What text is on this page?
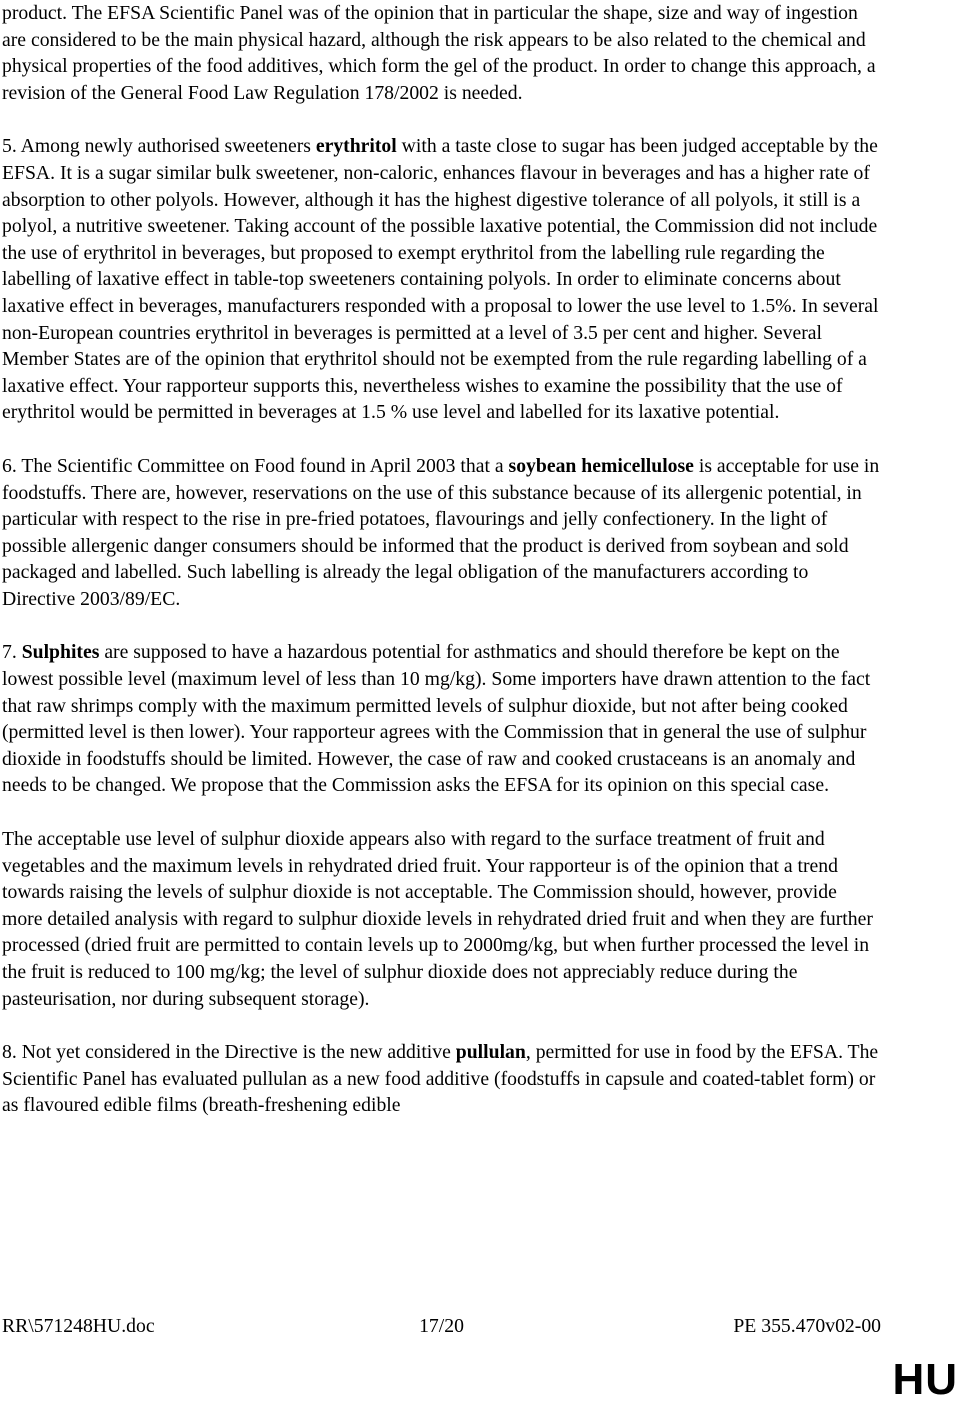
product. The EFSA Scientific Panel was of the opinion that in particular the shape, size and way of ingestion are considered to be the main physical hazard, although the risk appears to be also related to the chemical and physical properties of the food additives, which form the gel of the product. In order to change this approach, a revision of the General Food Law Regulation 178/2002 is needed.

5. Among newly authorised sweeteners erythritol with a taste close to sugar has been judged acceptable by the EFSA. It is a sugar similar bulk sweetener, non-caloric, enhances flavour in beverages and has a higher rate of absorption to other polyols. However, although it has the highest digestive tolerance of all polyols, it still is a polyol, a nutritive sweetener. Taking account of the possible laxative potential, the Commission did not include the use of erythritol in beverages, but proposed to exempt erythritol from the labelling rule regarding the labelling of laxative effect in table-top sweeteners containing polyols. In order to eliminate concerns about laxative effect in beverages, manufacturers responded with a proposal to lower the use level to 1.5%. In several non-European countries erythritol in beverages is permitted at a level of 3.5 per cent and higher. Several Member States are of the opinion that erythritol should not be exempted from the rule regarding labelling of a laxative effect. Your rapporteur supports this, nevertheless wishes to examine the possibility that the use of erythritol would be permitted in beverages at 1.5 % use level and labelled for its laxative potential.

6. The Scientific Committee on Food found in April 2003 that a soybean hemicellulose is acceptable for use in foodstuffs. There are, however, reservations on the use of this substance because of its allergenic potential, in particular with respect to the rise in pre-fried potatoes, flavourings and jelly confectionery. In the light of possible allergenic danger consumers should be informed that the product is derived from soybean and sold packaged and labelled. Such labelling is already the legal obligation of the manufacturers according to Directive 2003/89/EC.

7. Sulphites are supposed to have a hazardous potential for asthmatics and should therefore be kept on the lowest possible level (maximum level of less than 10 mg/kg). Some importers have drawn attention to the fact that raw shrimps comply with the maximum permitted levels of sulphur dioxide, but not after being cooked (permitted level is then lower). Your rapporteur agrees with the Commission that in general the use of sulphur dioxide in foodstuffs should be limited. However, the case of raw and cooked crustaceans is an anomaly and needs to be changed. We propose that the Commission asks the EFSA for its opinion on this special case.

The acceptable use level of sulphur dioxide appears also with regard to the surface treatment of fruit and vegetables and the maximum levels in rehydrated dried fruit. Your rapporteur is of the opinion that a trend towards raising the levels of sulphur dioxide is not acceptable. The Commission should, however, provide more detailed analysis with regard to sulphur dioxide levels in rehydrated dried fruit and when they are further processed (dried fruit are permitted to contain levels up to 2000mg/kg, but when further processed the level in the fruit is reduced to 100 mg/kg; the level of sulphur dioxide does not appreciably reduce during the pasteurisation, nor during subsequent storage).

8. Not yet considered in the Directive is the new additive pullulan, permitted for use in food by the EFSA. The Scientific Panel has evaluated pullulan as a new food additive (foodstuffs in capsule and coated-tablet form) or as flavoured edible films (breath-freshening edible

RR\571248HU.doc	17/20	PE 355.470v02-00
HU
